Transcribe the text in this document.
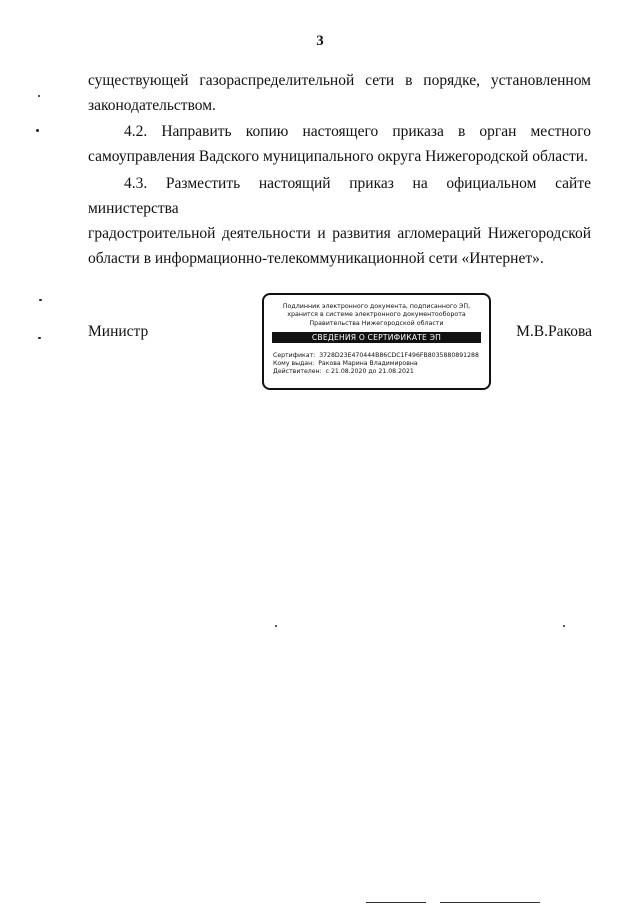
3
существующей газораспределительной сети в порядке, установленном
законодательством.
4.2. Направить копию настоящего приказа в орган местного
самоуправления Вадского муниципального округа Нижегородской области.
4.3. Разместить настоящий приказ на официальном сайте министерства
градостроительной деятельности и развития агломераций Нижегородской
области в информационно-телекоммуникационной сети «Интернет».
Министр
Подлинник электронного документа, подписанного ЭП,
хранится в системе электронного документооборота
Правительства Нижегородской области
СВЕДЕНИЯ О СЕРТИФИКАТЕ ЭП
Сертификат: 3728D23E470444B86CDC1F496FB8035880891288
Кому выдан: Ракова Марина Владимировна
Действителен: с 21.08.2020 до 21.08.2021
М.В.Ракова
